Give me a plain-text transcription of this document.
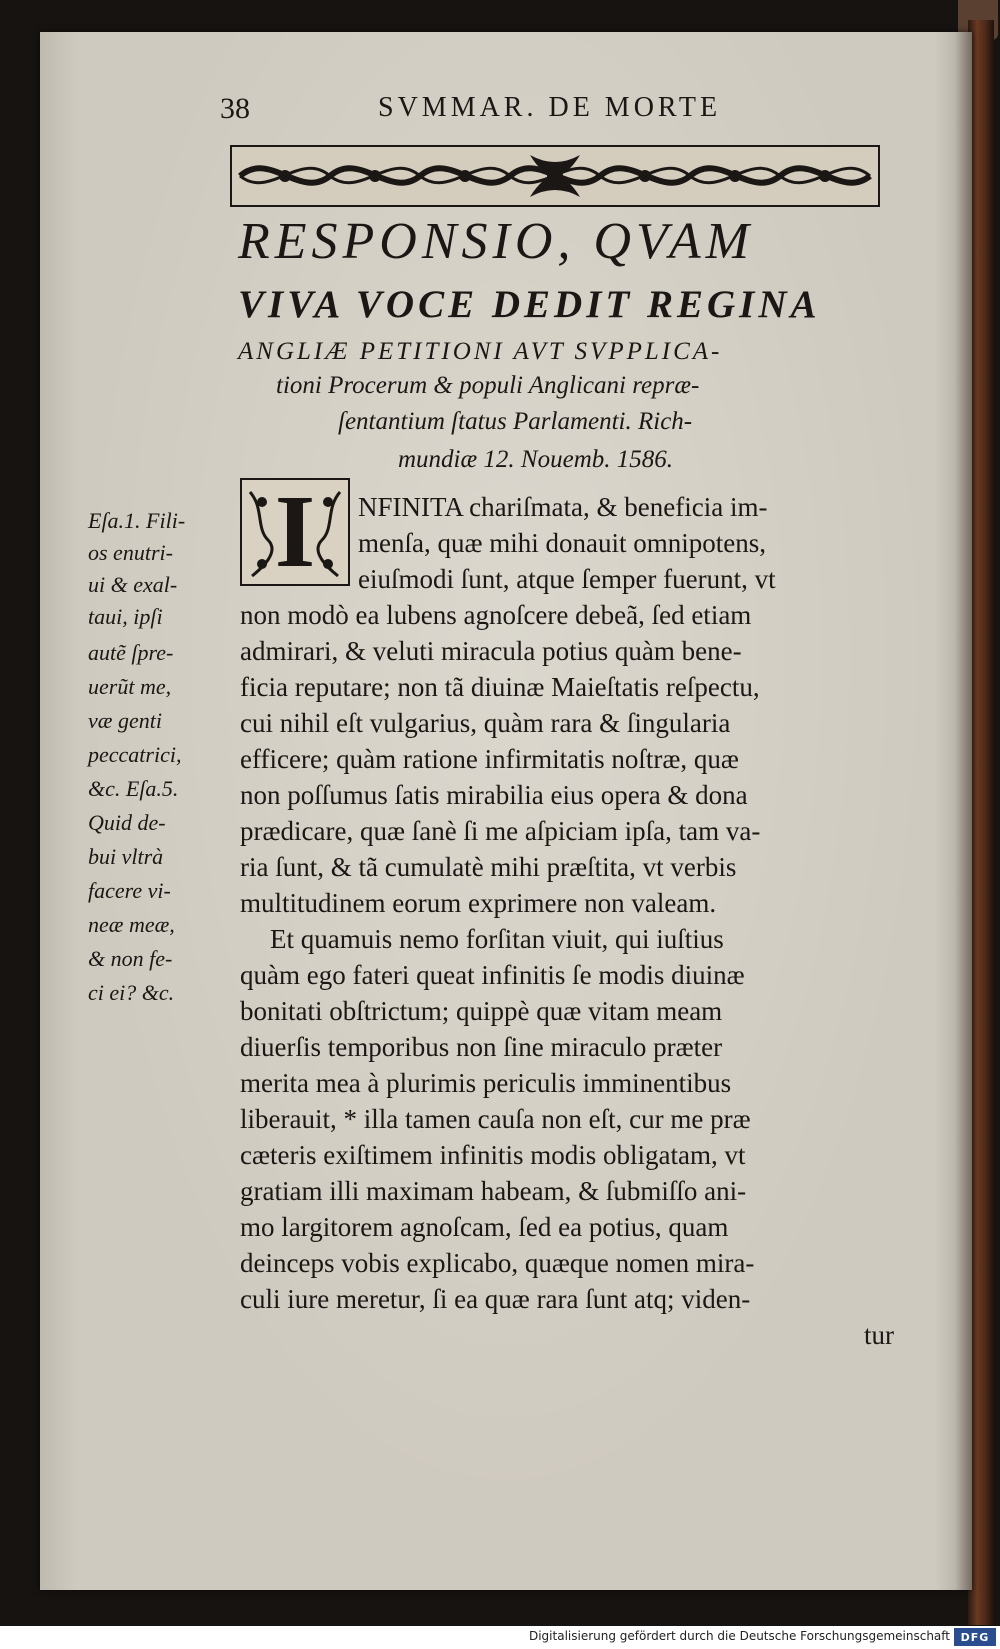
38	SVMMAR. DE MORTE
RESPONSIO, QVAM
VIVA VOCE DEDIT REGINA
ANGLIÆ PETITIONI AVT SVPPLICA-
tioni Procerum & populi Anglicani repræ-
ſentantium ſtatus Parlamenti. Rich-
mundiæ 12. Nouemb. 1586.
I	NFINITA chariſmata, & beneficia im-
menſa, quæ mihi donauit omnipotens,
eiuſmodi ſunt, atque ſemper fuerunt, vt
non modò ea lubens agnoſcere debeã, ſed etiam
admirari, & veluti miracula potius quàm bene-
ficia reputare; non tã diuinæ Maieſtatis reſpectu,
cui nihil eſt vulgarius, quàm rara & ſingularia
efficere; quàm ratione infirmitatis noſtræ, quæ
non poſſumus ſatis mirabilia eius opera & dona
prædicare, quæ ſanè ſi me aſpiciam ipſa, tam va-
ria ſunt, & tã cumulatè mihi præſtita, vt verbis
multitudinem eorum exprimere non valeam.
Et quamuis nemo forſitan viuit, qui iuſtius
quàm ego fateri queat infinitis ſe modis diuinæ
bonitati obſtrictum; quippè quæ vitam meam
diuerſis temporibus non ſine miraculo præter
merita mea à plurimis periculis imminentibus
liberauit, * illa tamen cauſa non eſt, cur me præ
cæteris exiſtimem infinitis modis obligatam, vt
gratiam illi maximam habeam, & ſubmiſſo ani-
mo largitorem agnoſcam, ſed ea potius, quam
deinceps vobis explicabo, quæque nomen mira-
culi iure meretur, ſi ea quæ rara ſunt atq; viden-
tur
Eſa.1. Fili-
os enutri-
ui & exal-
taui, ipſi
autẽ ſpre-
uerũt me,
væ genti
peccatrici,
&c. Eſa.5.
Quid de-
bui vltrà
facere vi-
neæ meæ,
& non fe-
ci ei? &c.
Digitalisierung gefördert durch die Deutsche Forschungsgemeinschaft DFG
